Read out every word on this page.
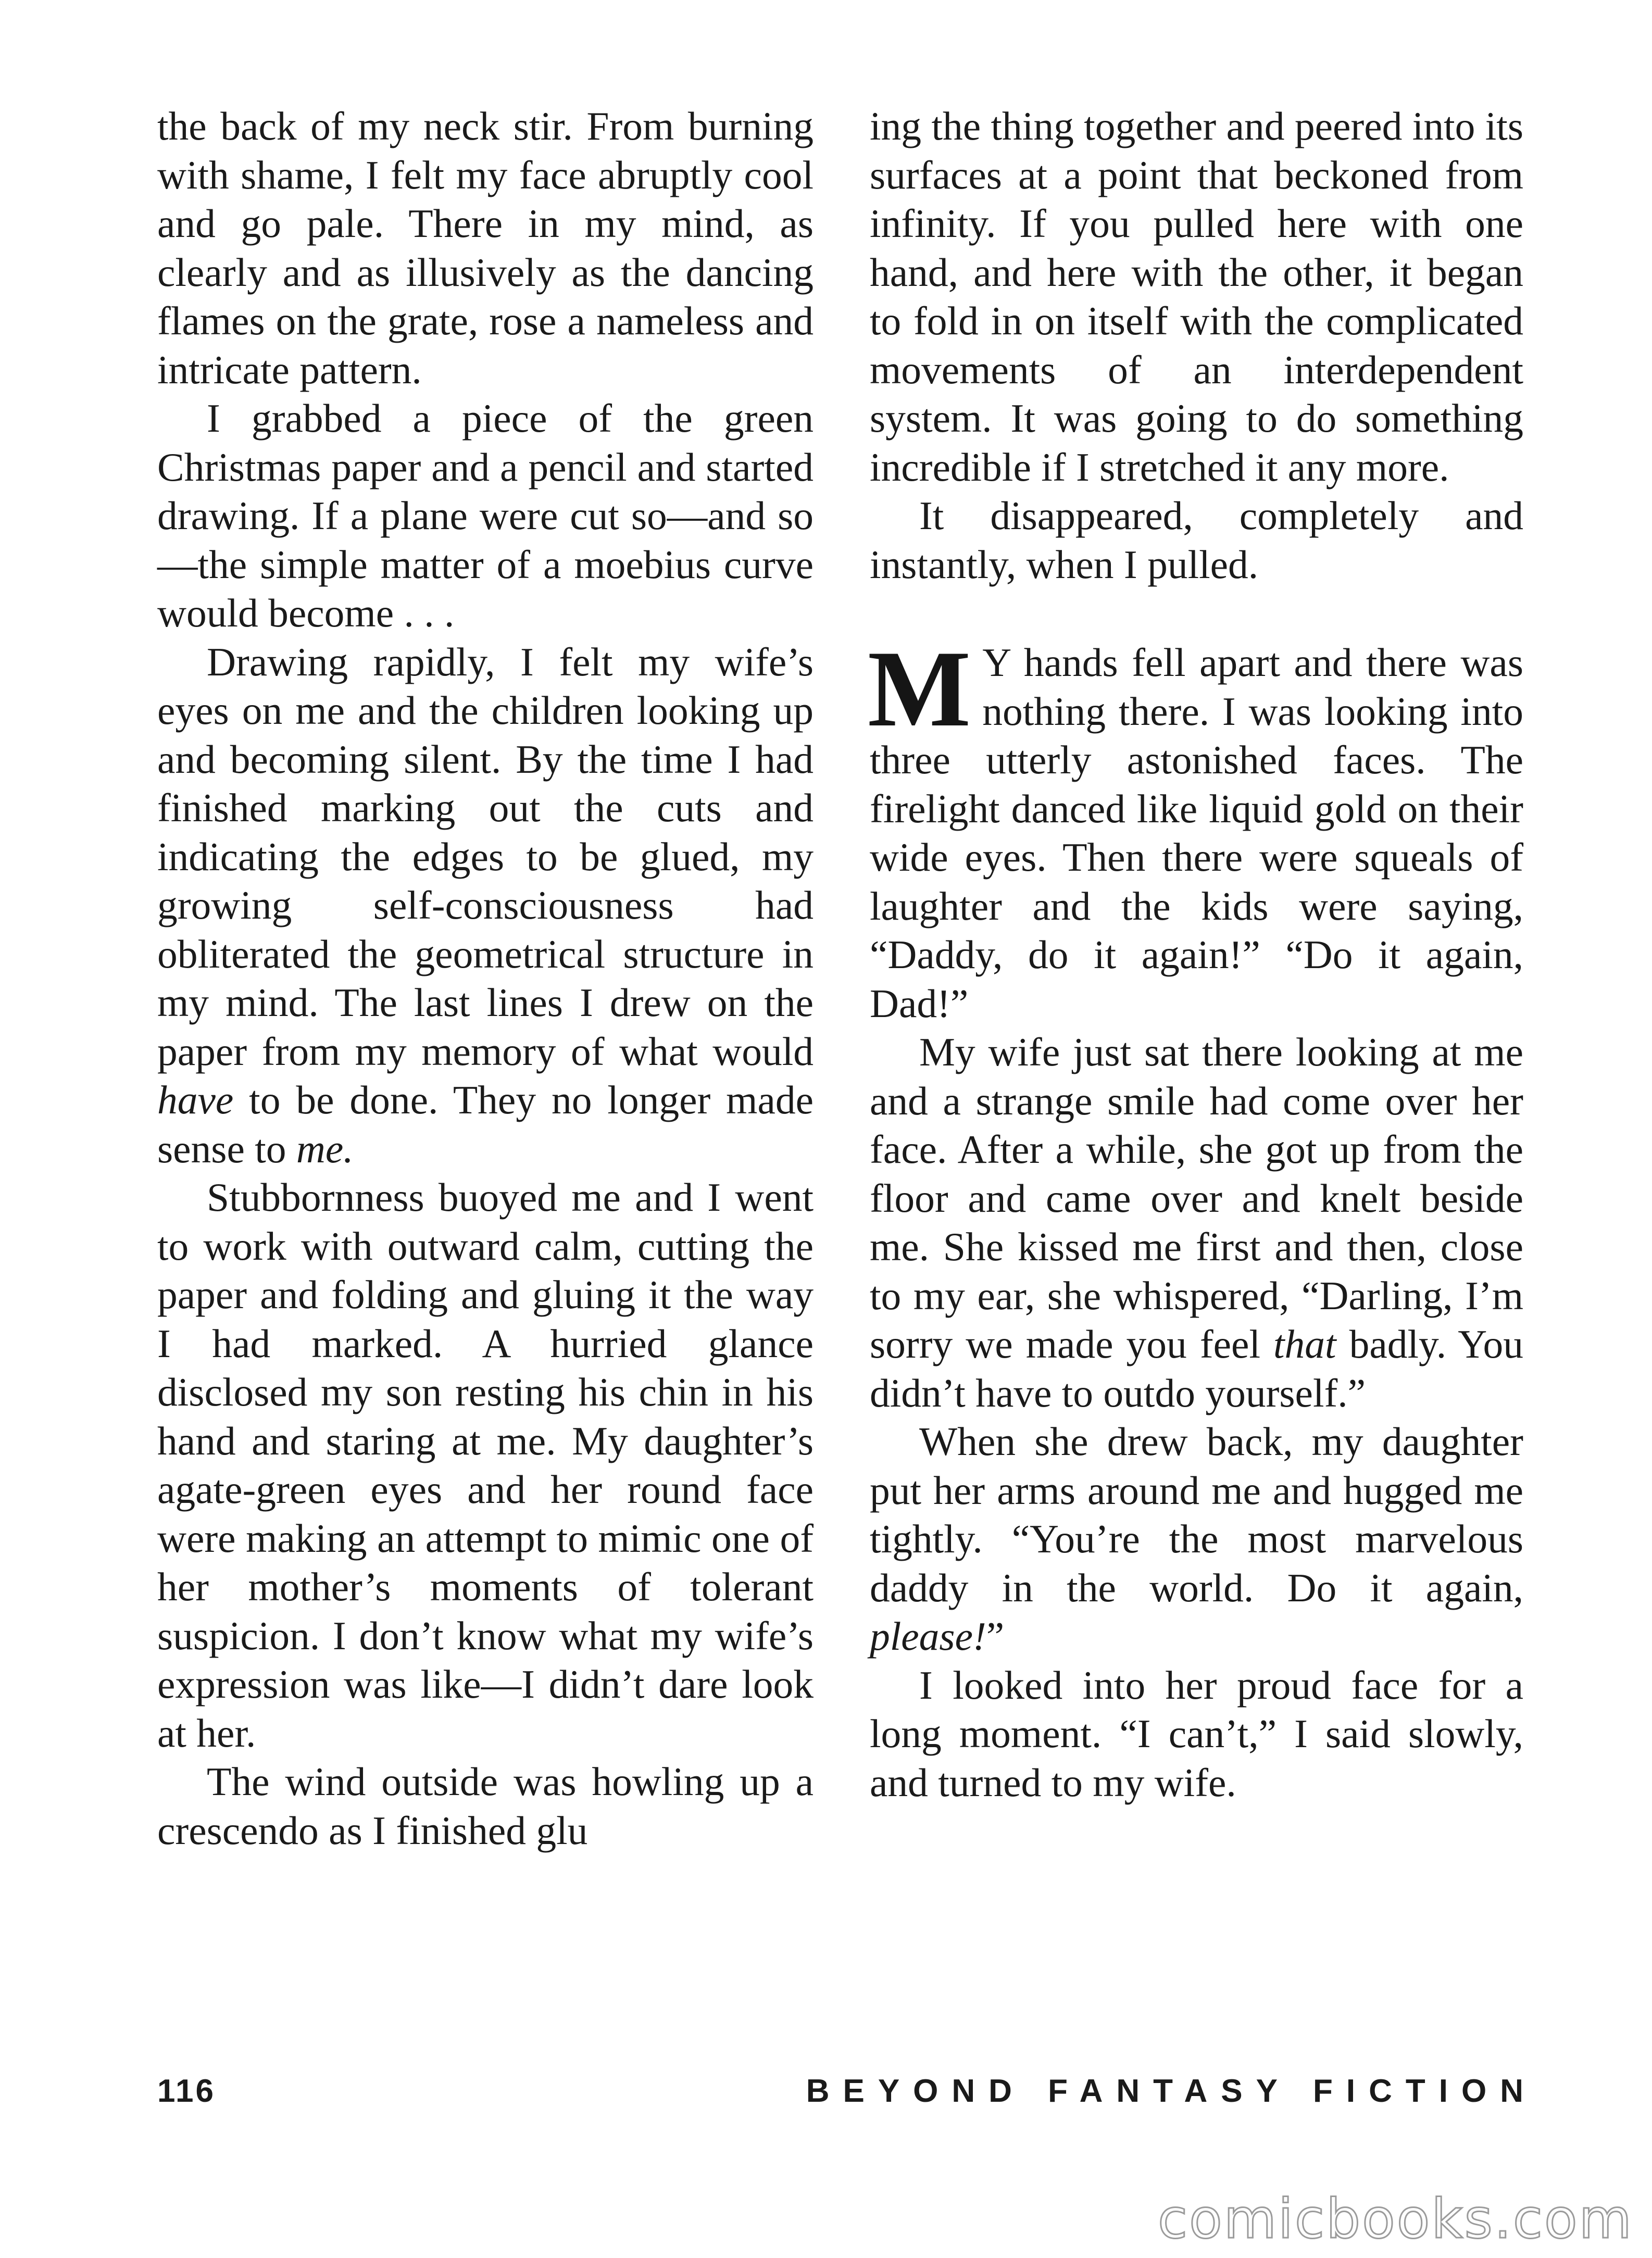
the back of my neck stir. From burning with shame, I felt my face abruptly cool and go pale. There in my mind, as clearly and as illusively as the dancing flames on the grate, rose a nameless and intricate pattern.

I grabbed a piece of the green Christmas paper and a pencil and started drawing. If a plane were cut so—and so—the simple matter of a moebius curve would become . . .

Drawing rapidly, I felt my wife’s eyes on me and the children looking up and becoming silent. By the time I had finished marking out the cuts and indicating the edges to be glued, my growing self-consciousness had obliterated the geometrical structure in my mind. The last lines I drew on the paper from my memory of what would have to be done. They no longer made sense to me.

Stubbornness buoyed me and I went to work with outward calm, cutting the paper and folding and gluing it the way I had marked. A hurried glance disclosed my son resting his chin in his hand and staring at me. My daughter’s agate-green eyes and her round face were making an attempt to mimic one of her mother’s moments of tolerant suspicion. I don’t know what my wife’s expression was like—I didn’t dare look at her.

The wind outside was howling up a crescendo as I finished glu

ing the thing together and peered into its surfaces at a point that beckoned from infinity. If you pulled here with one hand, and here with the other, it began to fold in on itself with the complicated movements of an interdependent system. It was going to do something incredible if I stretched it any more.

It disappeared, completely and instantly, when I pulled.

M Y hands fell apart and there was nothing there. I was looking into three utterly astonished faces. The firelight danced like liquid gold on their wide eyes. Then there were squeals of laughter and the kids were saying, “Daddy, do it again!” “Do it again, Dad!”

My wife just sat there looking at me and a strange smile had come over her face. After a while, she got up from the floor and came over and knelt beside me. She kissed me first and then, close to my ear, she whispered, “Darling, I’m sorry we made you feel that badly. You didn’t have to outdo yourself.”

When she drew back, my daughter put her arms around me and hugged me tightly. “You’re the most marvelous daddy in the world. Do it again, please!”

I looked into her proud face for a long moment. “I can’t,” I said slowly, and turned to my wife.

116	BEYOND FANTASY FICTION
comicbooks.com
